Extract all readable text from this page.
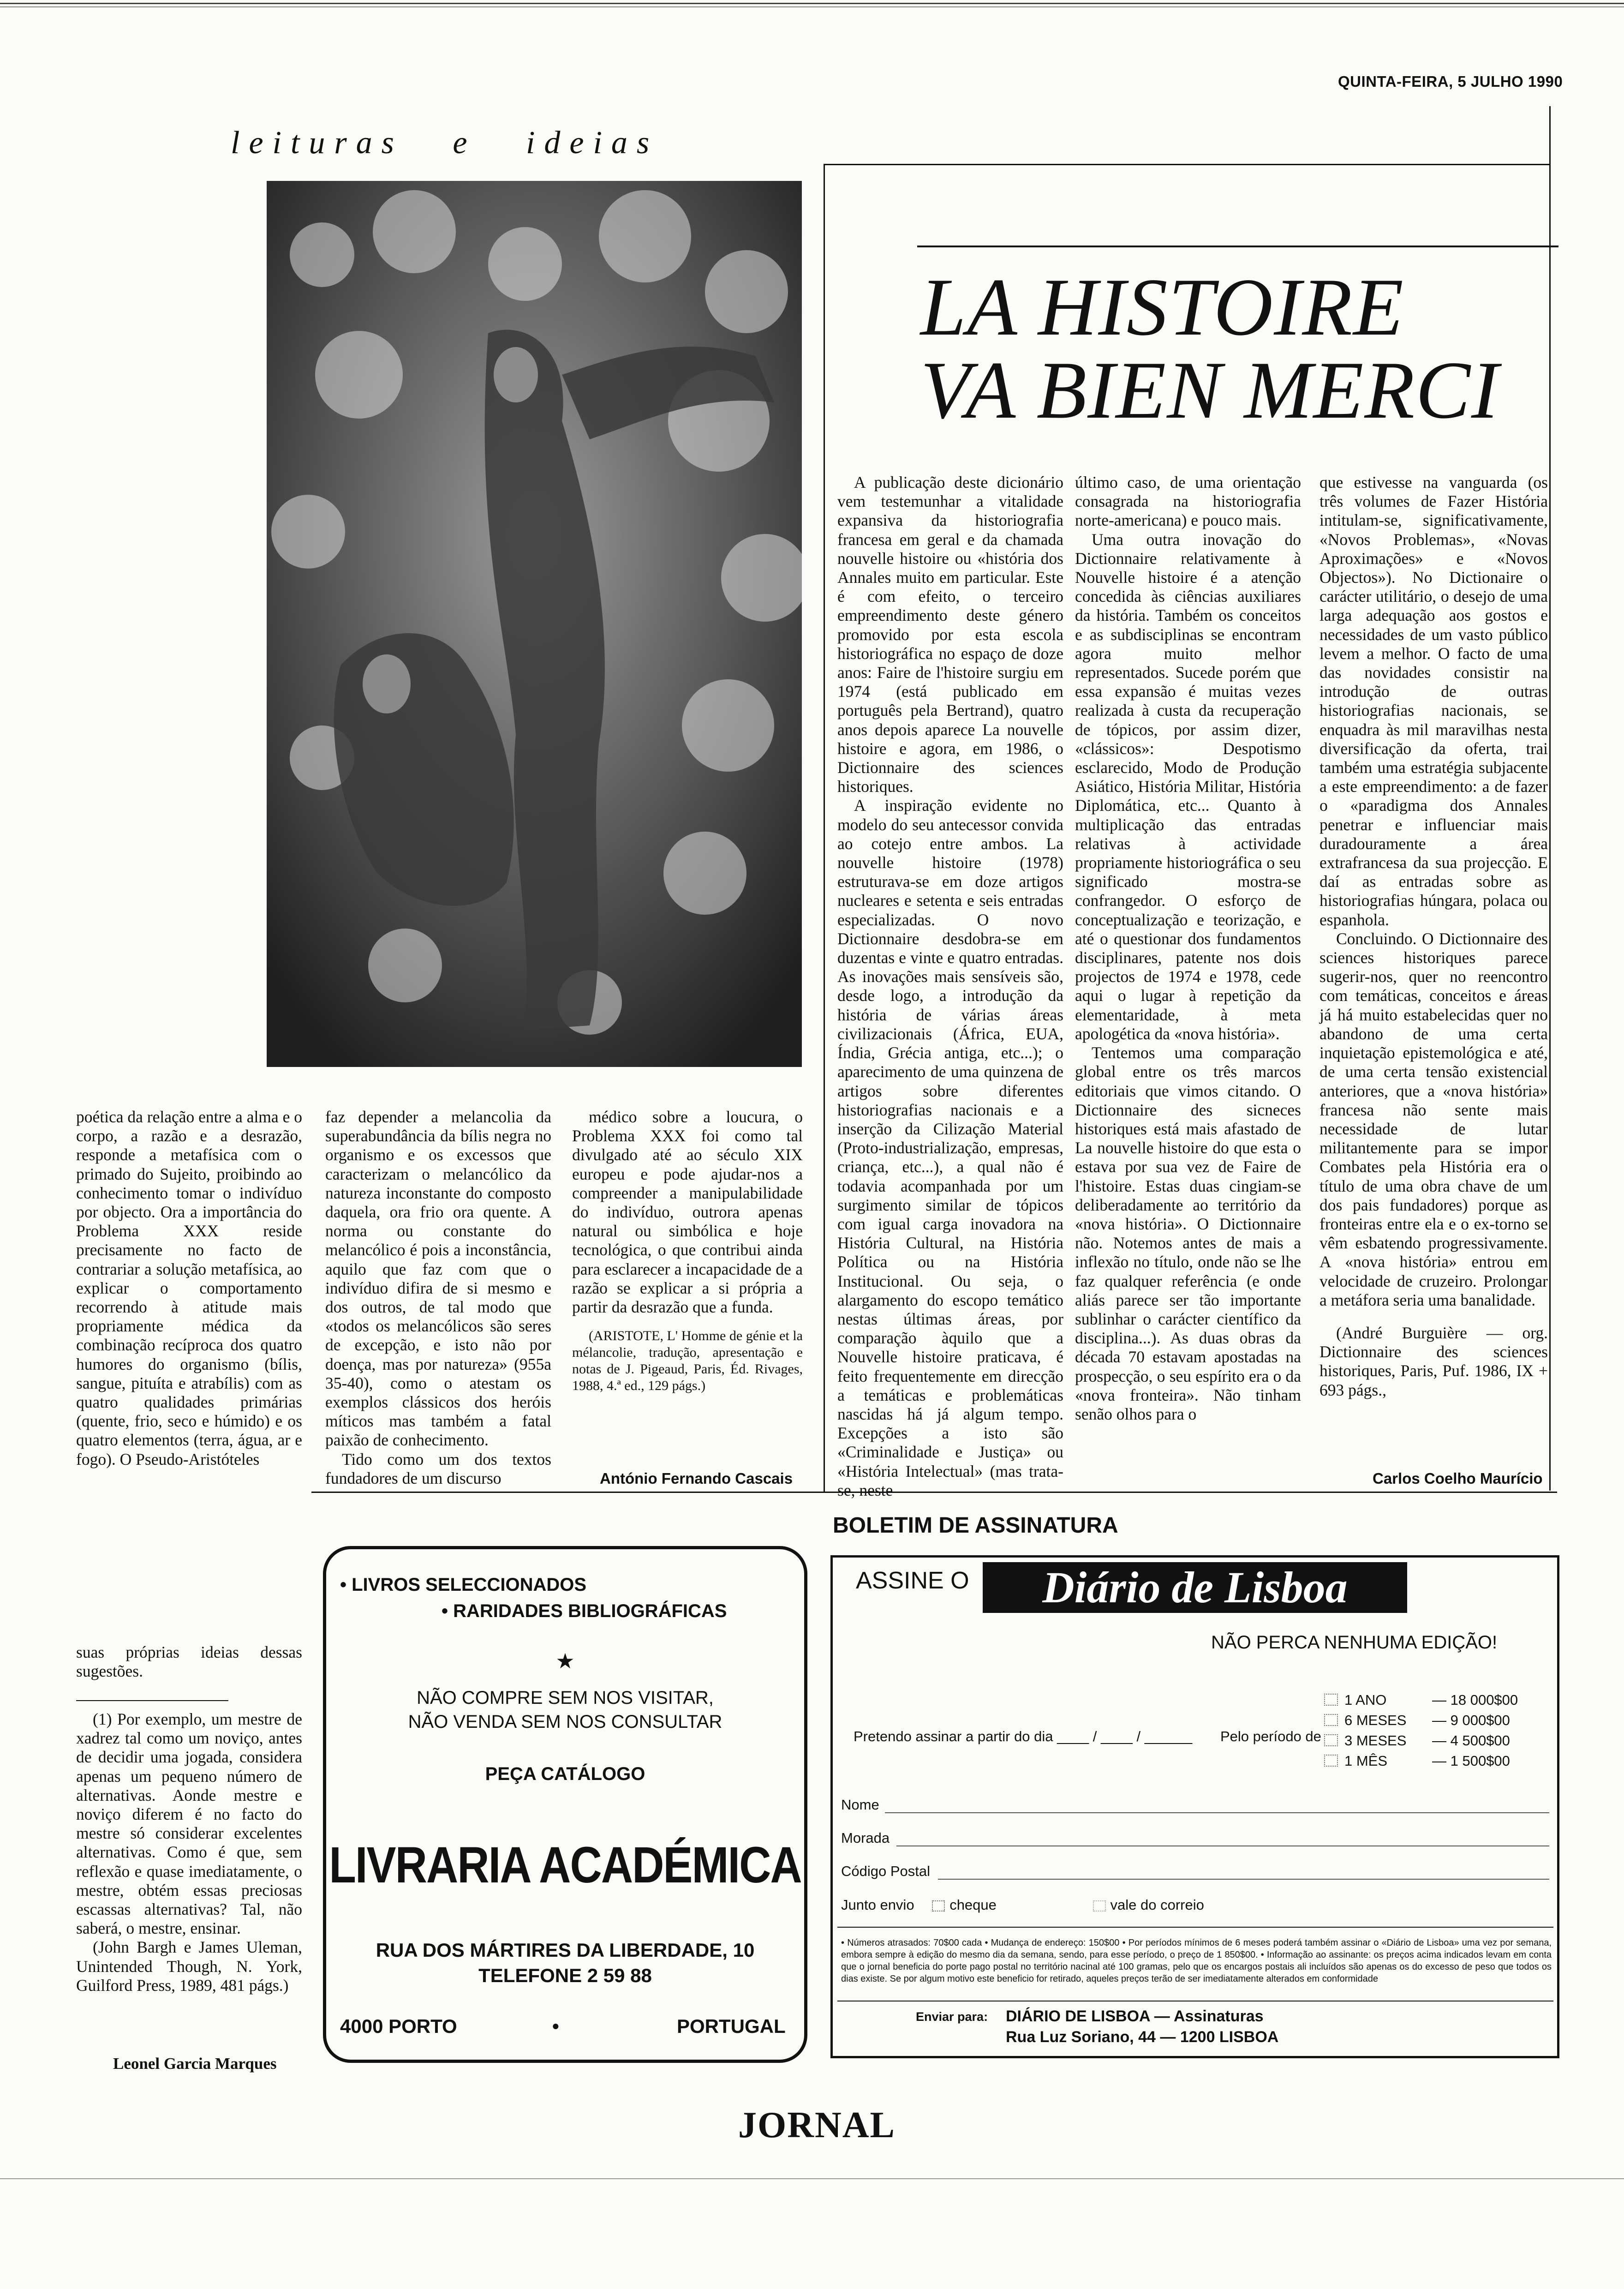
QUINTA-FEIRA, 5 JULHO 1990
leituras e ideias
LA HISTOIRE
VA BIEN MERCI

A publicação deste dicionário vem testemunhar a vitalidade expansiva da historiografia francesa em geral e da chamada nouvelle histoire ou «história dos Annales muito em particular. Este é com efeito, o terceiro empreendimento deste género promovido por esta escola historiográfica no espaço de doze anos: Faire de l'histoire surgiu em 1974 (está publicado em português pela Bertrand), quatro anos depois aparece La nouvelle histoire e agora, em 1986, o Dictionnaire des sciences historiques.

A inspiração evidente no modelo do seu antecessor convida ao cotejo entre ambos. La nouvelle histoire (1978) estruturava-se em doze artigos nucleares e setenta e seis entradas especializadas. O novo Dictionnaire desdobra-se em duzentas e vinte e quatro entradas. As inovações mais sensíveis são, desde logo, a introdução da história de várias áreas civilizacionais (África, EUA, Índia, Grécia antiga, etc...); o aparecimento de uma quinzena de artigos sobre diferentes historiografias nacionais e a inserção da Cilização Material (Proto-industrialização, empresas, criança, etc...), a qual não é todavia acompanhada por um surgimento similar de tópicos com igual carga inovadora na História Cultural, na História Política ou na História Institucional. Ou seja, o alargamento do escopo temático nestas últimas áreas, por comparação àquilo que a Nouvelle histoire praticava, é feito frequentemente em direcção a temáticas e problemáticas nascidas há já algum tempo. Excepções a isto são «Criminalidade e Justiça» ou «História Intelectual» (mas trata-se, neste

último caso, de uma orientação consagrada na historiografia norte-americana) e pouco mais.

Uma outra inovação do Dictionnaire relativamente à Nouvelle histoire é a atenção concedida às ciências auxiliares da história. Também os conceitos e as subdisciplinas se encontram agora muito melhor representados. Sucede porém que essa expansão é muitas vezes realizada à custa da recuperação de tópicos, por assim dizer, «clássicos»: Despotismo esclarecido, Modo de Produção Asiático, História Militar, História Diplomática, etc... Quanto à multiplicação das entradas relativas à actividade propriamente historiográfica o seu significado mostra-se confrangedor. O esforço de conceptualização e teorização, e até o questionar dos fundamentos disciplinares, patente nos dois projectos de 1974 e 1978, cede aqui o lugar à repetição da elementaridade, à meta apologética da «nova história».

Tentemos uma comparação global entre os três marcos editoriais que vimos citando. O Dictionnaire des sicneces historiques está mais afastado de La nouvelle histoire do que esta o estava por sua vez de Faire de l'histoire. Estas duas cingiam-se deliberadamente ao território da «nova história». O Dictionnaire não. Notemos antes de mais a inflexão no título, onde não se lhe faz qualquer referência (e onde aliás parece ser tão importante sublinhar o carácter científico da disciplina...). As duas obras da década 70 estavam apostadas na prospecção, o seu espírito era o da «nova fronteira». Não tinham senão olhos para o

que estivesse na vanguarda (os três volumes de Fazer História intitulam-se, significativamente, «Novos Problemas», «Novas Aproximações» e «Novos Objectos»). No Dictionaire o carácter utilitário, o desejo de uma larga adequação aos gostos e necessidades de um vasto público levem a melhor. O facto de uma das novidades consistir na introdução de outras historiografias nacionais, se enquadra às mil maravilhas nesta diversificação da oferta, trai também uma estratégia subjacente a este empreendimento: a de fazer o «paradigma dos Annales penetrar e influenciar mais duradouramente a área extrafrancesa da sua projecção. E daí as entradas sobre as historiografias húngara, polaca ou espanhola.

Concluindo. O Dictionnaire des sciences historiques parece sugerir-nos, quer no reencontro com temáticas, conceitos e áreas já há muito estabelecidas quer no abandono de uma certa inquietação epistemológica e até, de uma certa tensão existencial anteriores, que a «nova história» francesa não sente mais necessidade de lutar militantemente para se impor Combates pela História era o título de uma obra chave de um dos pais fundadores) porque as fronteiras entre ela e o ex-torno se vêm esbatendo progressivamente. A «nova história» entrou em velocidade de cruzeiro. Prolongar a metáfora seria uma banalidade.

(André Burguière — org. Dictionnaire des sciences historiques, Paris, Puf. 1986, IX + 693 págs.,

Carlos Coelho Maurício

poética da relação entre a alma e o corpo, a razão e a desrazão, responde a metafísica com o primado do Sujeito, proibindo ao conhecimento tomar o indivíduo por objecto. Ora a importância do Problema XXX reside precisamente no facto de contrariar a solução metafísica, ao explicar o comportamento recorrendo à atitude mais propriamente médica da combinação recíproca dos quatro humores do organismo (bílis, sangue, pituíta e atrabílis) com as quatro qualidades primárias (quente, frio, seco e húmido) e os quatro elementos (terra, água, ar e fogo). O Pseudo-Aristóteles

faz depender a melancolia da superabundância da bílis negra no organismo e os excessos que caracterizam o melancólico da natureza inconstante do composto daquela, ora frio ora quente. A norma ou constante do melancólico é pois a inconstância, aquilo que faz com que o indivíduo difira de si mesmo e dos outros, de tal modo que «todos os melancólicos são seres de excepção, e isto não por doença, mas por natureza» (955a 35-40), como o atestam os exemplos clássicos dos heróis míticos mas também a fatal paixão de conhecimento.

Tido como um dos textos fundadores de um discurso

médico sobre a loucura, o Problema XXX foi como tal divulgado até ao século XIX europeu e pode ajudar-nos a compreender a manipulabilidade do indivíduo, outrora apenas natural ou simbólica e hoje tecnológica, o que contribui ainda para esclarecer a incapacidade de a razão se explicar a si própria a partir da desrazão que a funda.

(ARISTOTE, L' Homme de génie et la mélancolie, tradução, apresentação e notas de J. Pigeaud, Paris, Éd. Rivages, 1988, 4.ª ed., 129 págs.)

António Fernando Cascais

suas próprias ideias dessas sugestões.

(1) Por exemplo, um mestre de xadrez tal como um noviço, antes de decidir uma jogada, considera apenas um pequeno número de alternativas. Aonde mestre e noviço diferem é no facto do mestre só considerar excelentes alternativas. Como é que, sem reflexão e quase imediatamente, o mestre, obtém essas preciosas escassas alternativas? Tal, não saberá, o mestre, ensinar.

(John Bargh e James Uleman, Unintended Though, N. York, Guilford Press, 1989, 481 págs.)

Leonel Garcia Marques
• LIVROS SELECCIONADOS
• RARIDADES BIBLIOGRÁFICAS
★
NÃO COMPRE SEM NOS VISITAR,
NÃO VENDA SEM NOS CONSULTAR
PEÇA CATÁLOGO
LIVRARIA ACADÉMICA
RUA DOS MÁRTIRES DA LIBERDADE, 10
TELEFONE 2 59 88
4000 PORTO	•	PORTUGAL
BOLETIM DE ASSINATURA
ASSINE O	Diário de Lisboa
NÃO PERCA NENHUMA EDIÇÃO!
Pretendo assinar a partir do dia ____ / ____ / ______ Pelo período de
1 ANO	— 18 000$00
6 MESES	— 9 000$00
3 MESES	— 4 500$00
1 MÊS	— 1 500$00
Nome
Morada
Código Postal
Junto envio cheque	vale do correio
• Números atrasados: 70$00 cada • Mudança de endereço: 150$00 • Por períodos mínimos de 6 meses poderá também assinar o «Diário de Lisboa» uma vez por semana, embora sempre à edição do mesmo dia da semana, sendo, para esse período, o preço de 1 850$00. • Informação ao assinante: os preços acima indicados levam em conta que o jornal beneficia do porte pago postal no território nacinal até 100 gramas, pelo que os encargos postais ali incluídos são apenas os do excesso de peso que todos os dias existe. Se por algum motivo este beneficio for retirado, aqueles preços terão de ser imediatamente alterados em conformidade
Enviar para: DIÁRIO DE LISBOA — Assinaturas
Rua Luz Soriano, 44 — 1200 LISBOA
JORNAL
